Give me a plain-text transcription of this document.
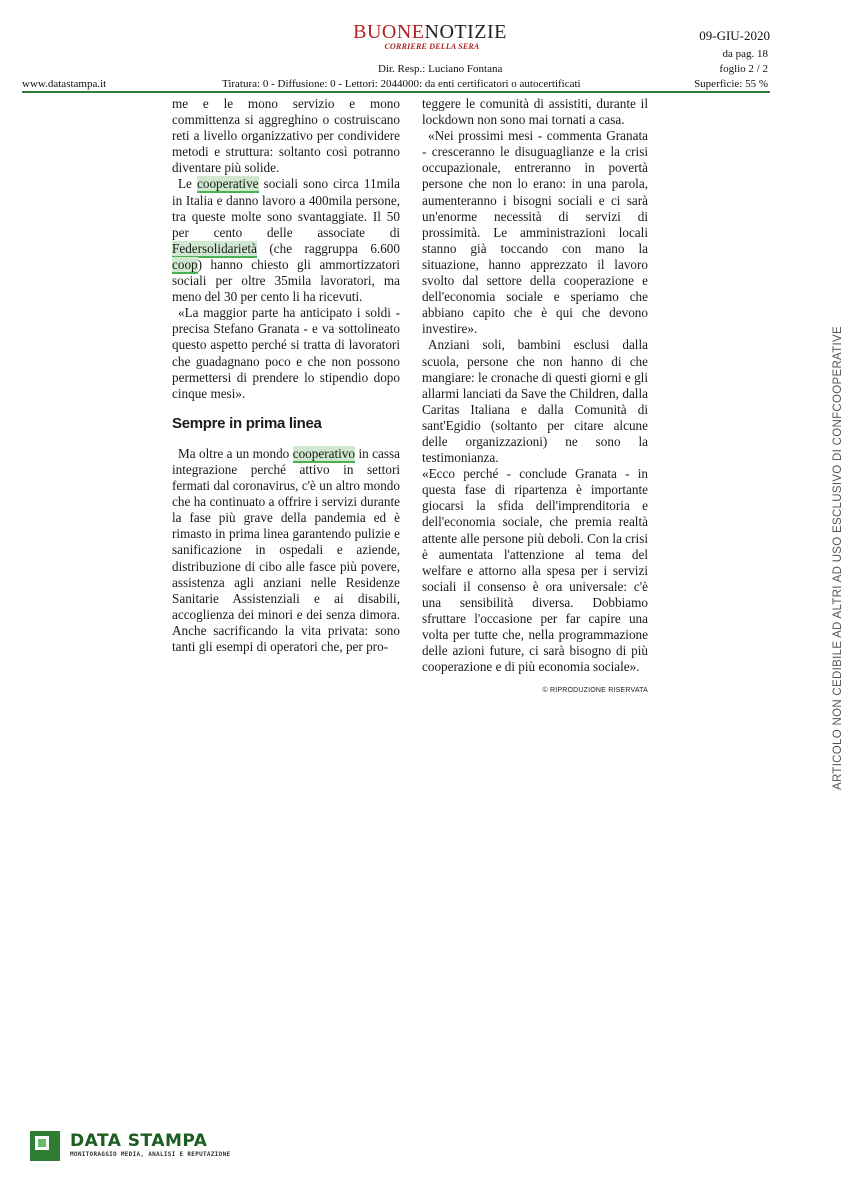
BUONENOTIZIE
CORRIERE DELLA SERA
09-GIU-2020
da pag. 18
foglio 2 / 2
Dir. Resp.: Luciano Fontana
www.datastampa.it	Tiratura: 0 - Diffusione: 0 - Lettori: 2044000: da enti certificatori o autocertificati	Superficie: 55 %

me e le mono servizio e mono committenza si aggreghino o costruiscano reti a livello organizzativo per condividere metodi e struttura: soltanto così potranno diventare più solide.

Le cooperative sociali sono circa 11mila in Italia e danno lavoro a 400mila persone, tra queste molte sono svantaggiate. Il 50 per cento delle associate di Federsolidarietà (che raggruppa 6.600 coop) hanno chiesto gli ammortizzatori sociali per oltre 35mila lavoratori, ma meno del 30 per cento li ha ricevuti.

«La maggior parte ha anticipato i soldi - precisa Stefano Granata - e va sottolineato questo aspetto perché si tratta di lavoratori che guadagnano poco e che non possono permettersi di prendere lo stipendio dopo cinque mesi».

Sempre in prima linea

Ma oltre a un mondo cooperativo in cassa integrazione perché attivo in settori fermati dal coronavirus, c'è un altro mondo che ha continuato a offrire i servizi durante la fase più grave della pandemia ed è rimasto in prima linea garantendo pulizie e sanificazione in ospedali e aziende, distribuzione di cibo alle fasce più povere, assistenza agli anziani nelle Residenze Sanitarie Assistenziali e ai disabili, accoglienza dei minori e dei senza dimora. Anche sacrificando la vita privata: sono tanti gli esempi di operatori che, per pro-

teggere le comunità di assistiti, durante il lockdown non sono mai tornati a casa.

«Nei prossimi mesi - commenta Granata - cresceranno le disuguaglianze e la crisi occupazionale, entreranno in povertà persone che non lo erano: in una parola, aumenteranno i bisogni sociali e ci sarà un'enorme necessità di servizi di prossimità. Le amministrazioni locali stanno già toccando con mano la situazione, hanno apprezzato il lavoro svolto dal settore della cooperazione e dell'economia sociale e speriamo che abbiano capito che è qui che devono investire».

Anziani soli, bambini esclusi dalla scuola, persone che non hanno di che mangiare: le cronache di questi giorni e gli allarmi lanciati da Save the Children, dalla Caritas Italiana e dalla Comunità di sant'Egidio (soltanto per citare alcune delle organizzazioni) ne sono la testimonianza.

«Ecco perché - conclude Granata - in questa fase di ripartenza è importante giocarsi la sfida dell'imprenditoria e dell'economia sociale, che premia realtà attente alle persone più deboli. Con la crisi è aumentata l'attenzione al tema del welfare e attorno alla spesa per i servizi sociali il consenso è ora universale: c'è una sensibilità diversa. Dobbiamo sfruttare l'occasione per far capire una volta per tutte che, nella programmazione delle azioni future, ci sarà bisogno di più cooperazione e di più economia sociale».

© RIPRODUZIONE RISERVATA	ARTICOLO NON CEDIBILE AD ALTRI AD USO ESCLUSIVO DI CONFCOOPERATIVE

DATA STAMPA
MONITORAGGIO MEDIA, ANALISI E REPUTAZIONE
